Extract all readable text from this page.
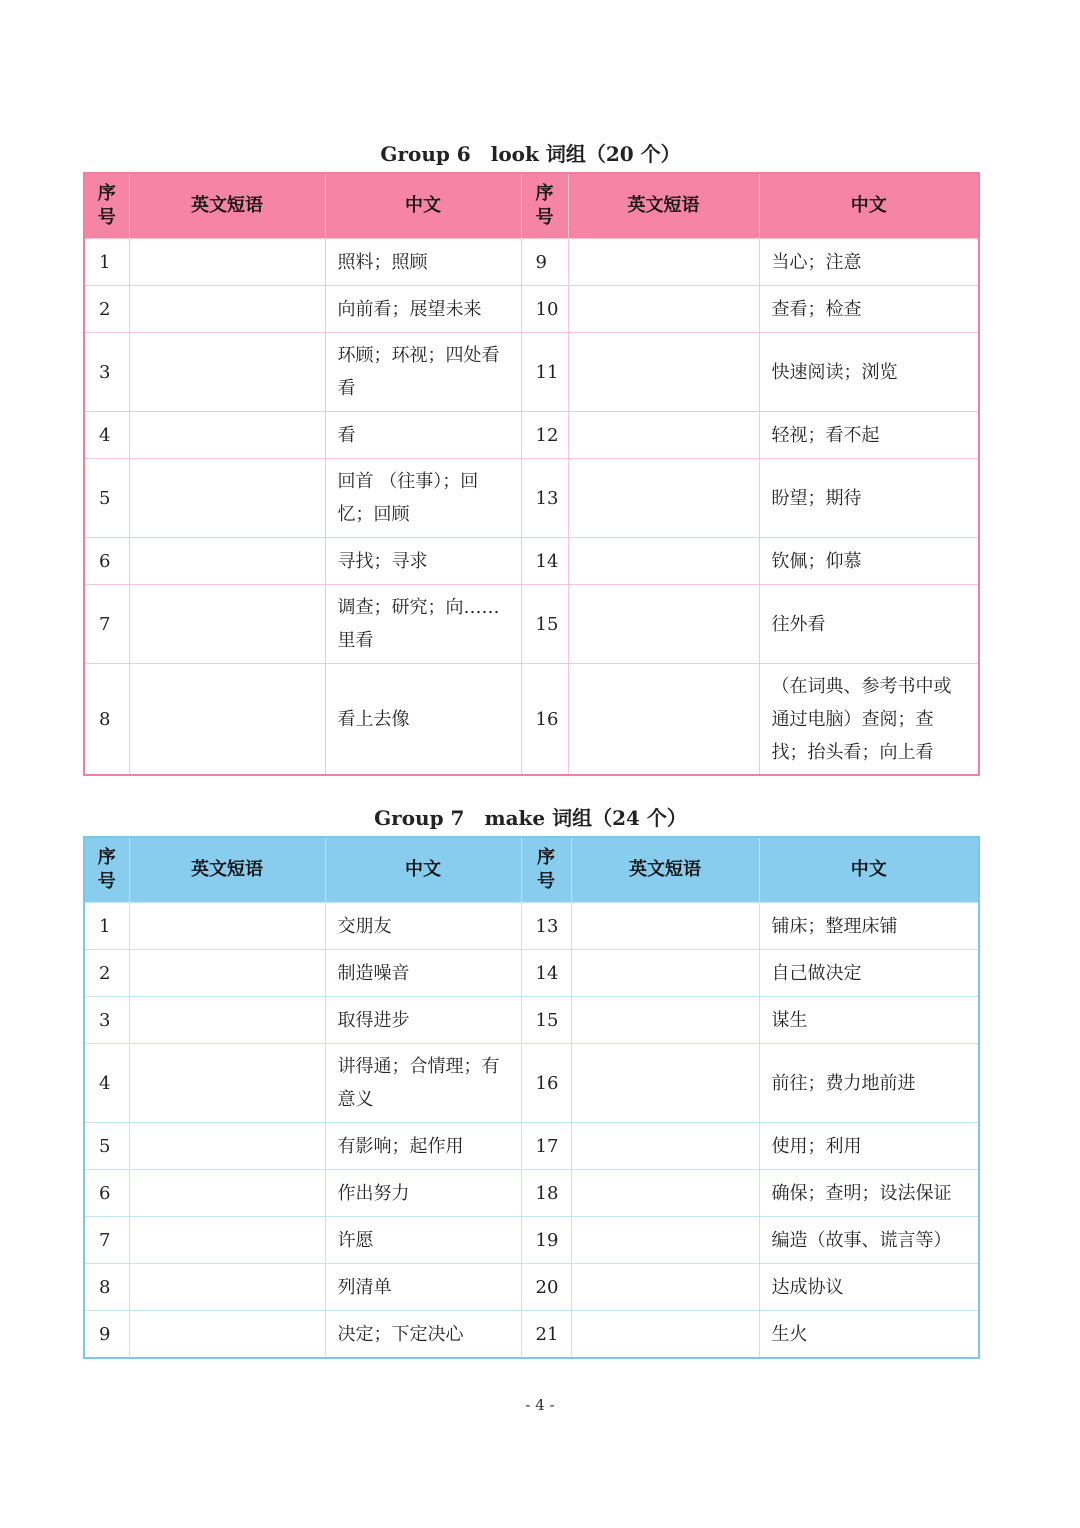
Group 6　look 词组（20 个）
序号	英文短语	中文	序号	英文短语	中文
1		照料；照顾	9		当心；注意
2		向前看；展望未来	10		查看；检查
3		环顾；环视；四处看看	11		快速阅读；浏览
4		看	12		轻视；看不起
5		回首 （往事）；回忆；回顾	13		盼望；期待
6		寻找；寻求	14		钦佩；仰慕
7		调查；研究；向……里看	15		往外看
8		看上去像	16		（在词典、参考书中或通过电脑）查阅；查找；抬头看；向上看
Group 7　make 词组（24 个）
序号	英文短语	中文	序号	英文短语	中文
1		交朋友	13		铺床；整理床铺
2		制造噪音	14		自己做决定
3		取得进步	15		谋生
4		讲得通；合情理；有意义	16		前往；费力地前进
5		有影响；起作用	17		使用；利用
6		作出努力	18		确保；查明；设法保证
7		许愿	19		编造（故事、谎言等）
8		列清单	20		达成协议
9		决定；下定决心	21		生火
- 4 -
